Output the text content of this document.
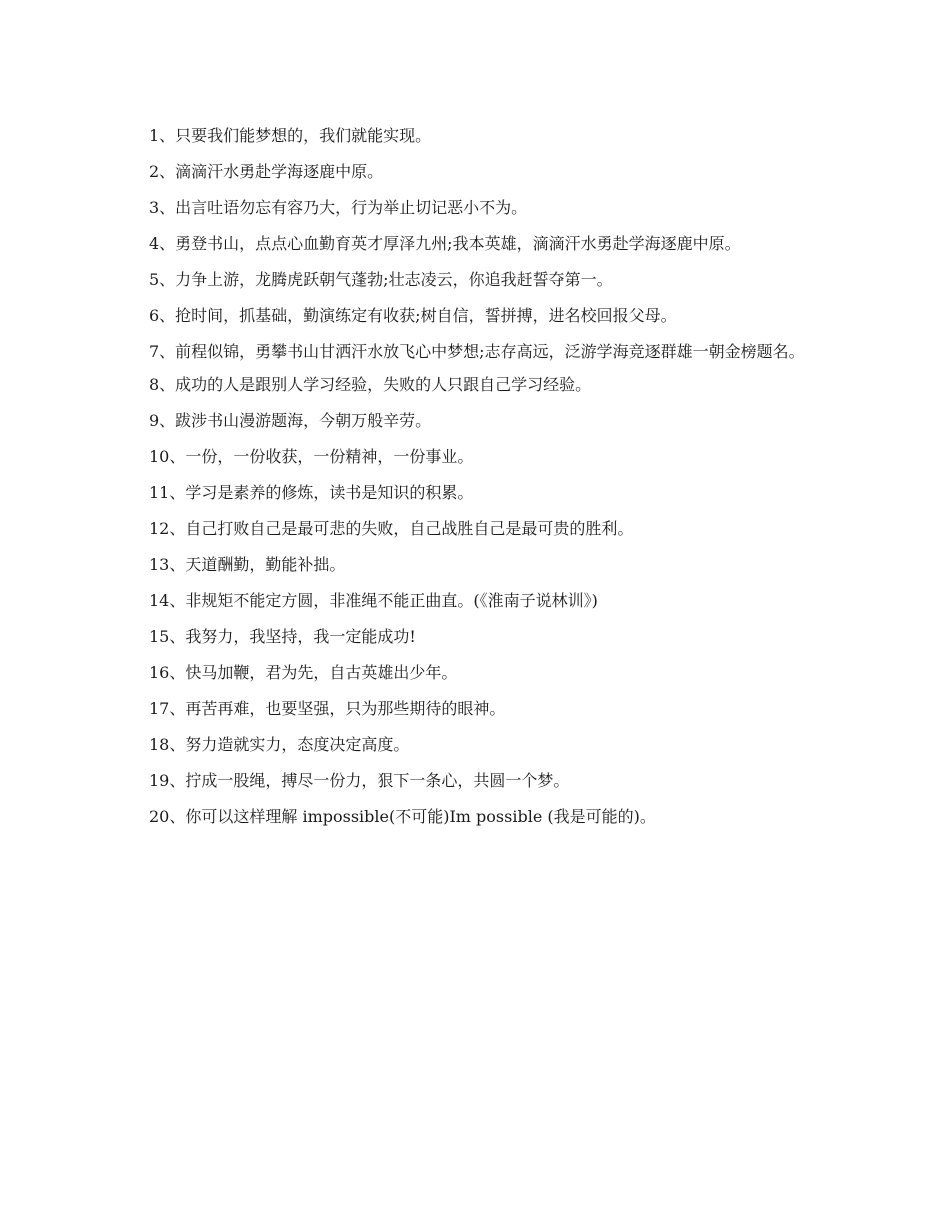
1、只要我们能梦想的，我们就能实现。

2、滴滴汗水勇赴学海逐鹿中原。

3、出言吐语勿忘有容乃大，行为举止切记恶小不为。

4、勇登书山，点点心血勤育英才厚泽九州;我本英雄，滴滴汗水勇赴学海逐鹿中原。

5、力争上游，龙腾虎跃朝气蓬勃;壮志凌云，你追我赶誓夺第一。

6、抢时间，抓基础，勤演练定有收获;树自信，誓拼搏，进名校回报父母。

7、前程似锦，勇攀书山甘洒汗水放飞心中梦想;志存高远，泛游学海竞逐群雄一朝金榜题名。

8、成功的人是跟别人学习经验，失败的人只跟自己学习经验。

9、跋涉书山漫游题海，今朝万般辛劳。

10、一份，一份收获，一份精神，一份事业。

11、学习是素养的修炼，读书是知识的积累。

12、自己打败自己是最可悲的失败，自己战胜自己是最可贵的胜利。

13、天道酬勤，勤能补拙。

14、非规矩不能定方圆，非准绳不能正曲直。(《淮南子说林训》)

15、我努力，我坚持，我一定能成功!

16、快马加鞭，君为先，自古英雄出少年。

17、再苦再难，也要坚强，只为那些期待的眼神。

18、努力造就实力，态度决定高度。

19、拧成一股绳，搏尽一份力，狠下一条心，共圆一个梦。

20、你可以这样理解 impossible(不可能)Im possible (我是可能的)。
